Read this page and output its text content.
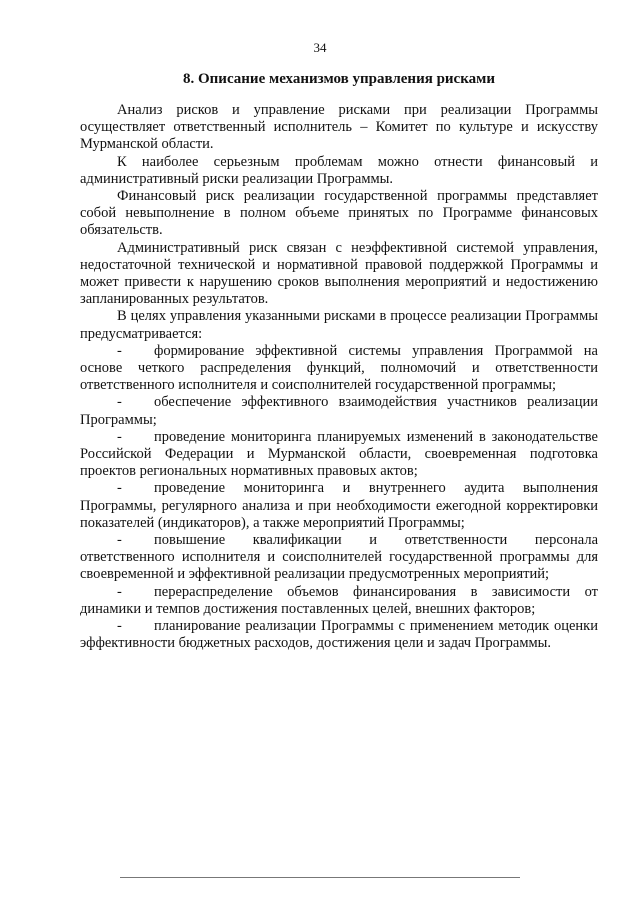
34
8. Описание механизмов управления рисками

Анализ рисков и управление рисками при реализации Программы осуществляет ответственный исполнитель – Комитет по культуре и искусству Мурманской области.

К наиболее серьезным проблемам можно отнести финансовый и административный риски реализации Программы.

Финансовый риск реализации государственной программы представляет собой невыполнение в полном объеме принятых по Программе финансовых обязательств.

Административный риск связан с неэффективной системой управления, недостаточной технической и нормативной правовой поддержкой Программы и может привести к нарушению сроков выполнения мероприятий и недостижению запланированных результатов.

В целях управления указанными рисками в процессе реализации Программы предусматривается:

- формирование эффективной системы управления Программой на основе четкого распределения функций, полномочий и ответственности ответственного исполнителя и соисполнителей государственной программы;

- обеспечение эффективного взаимодействия участников реализации Программы;

- проведение мониторинга планируемых изменений в законодательстве Российской Федерации и Мурманской области, своевременная подготовка проектов региональных нормативных правовых актов;

- проведение мониторинга и внутреннего аудита выполнения Программы, регулярного анализа и при необходимости ежегодной корректировки показателей (индикаторов), а также мероприятий Программы;

- повышение квалификации и ответственности персонала ответственного исполнителя и соисполнителей государственной программы для своевременной и эффективной реализации предусмотренных мероприятий;

- перераспределение объемов финансирования в зависимости от динамики и темпов достижения поставленных целей, внешних факторов;

- планирование реализации Программы с применением методик оценки эффективности бюджетных расходов, достижения цели и задач Программы.
